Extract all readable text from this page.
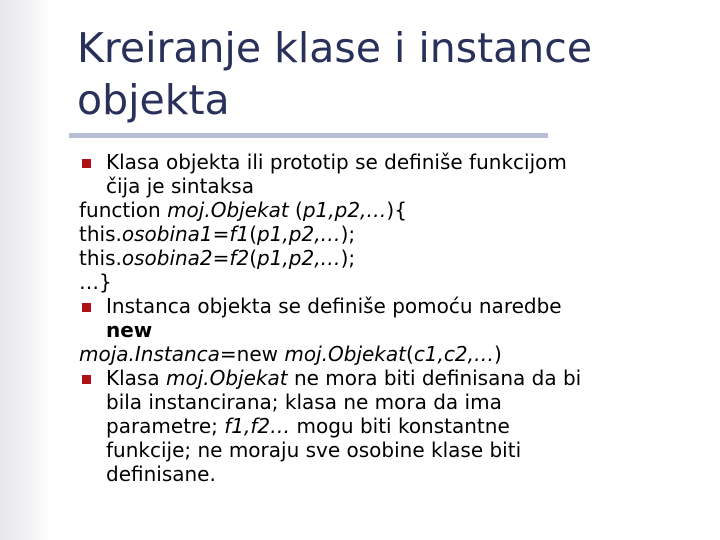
Kreiranje klase i instance
objekta
Klasa objekta ili prototip se definiše funkcijom
čija je sintaksa
function moj.Objekat (p1,p2,…){
this.osobina1=f1(p1,p2,…);
this.osobina2=f2(p1,p2,…);
…}
Instanca objekta se definiše pomoću naredbe
new
moja.Instanca=new moj.Objekat(c1,c2,…)
Klasa moj.Objekat ne mora biti definisana da bi
bila instancirana; klasa ne mora da ima
parametre; f1,f2… mogu biti konstantne
funkcije; ne moraju sve osobine klase biti
definisane.
